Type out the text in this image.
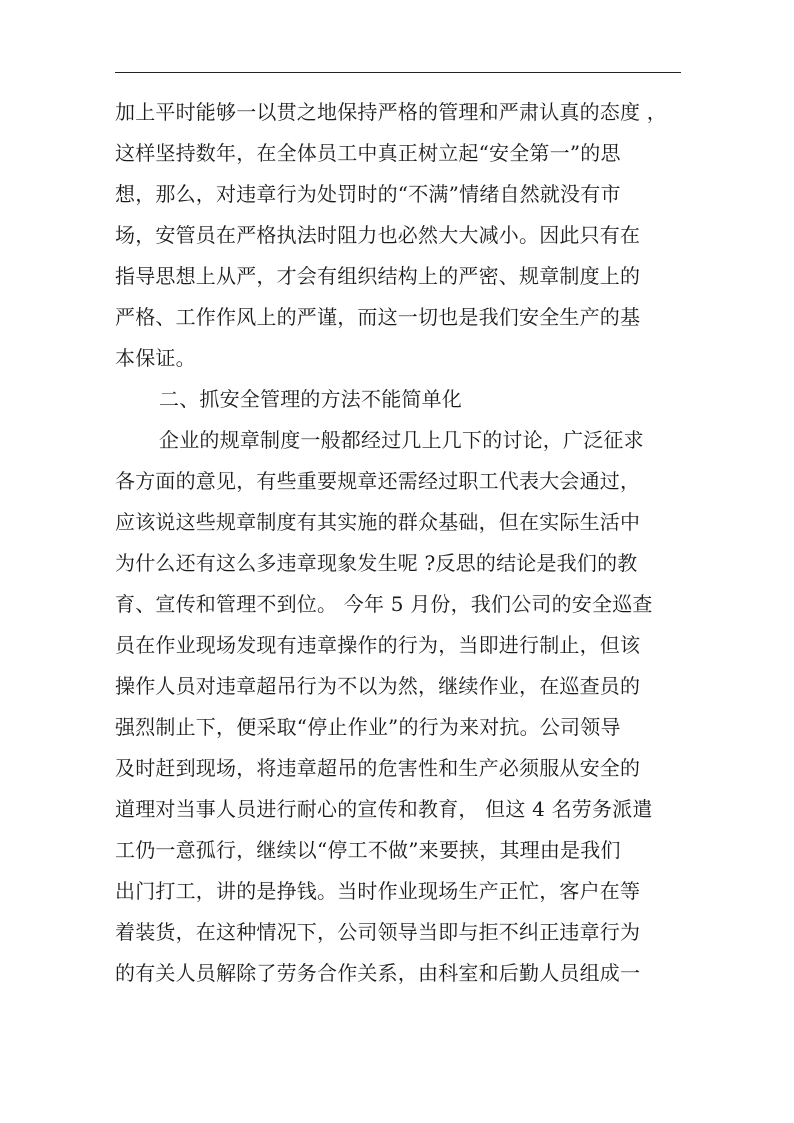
加上平时能够一以贯之地保持严格的管理和严肃认真的态度 ，
这样坚持数年，在全体员工中真正树立起“安全第一”的思
想，那么，对违章行为处罚时的“不满”情绪自然就没有市
场，安管员在严格执法时阻力也必然大大减小。因此只有在
指导思想上从严，才会有组织结构上的严密、规章制度上的
严格、工作作风上的严谨，而这一切也是我们安全生产的基
本保证。
二、抓安全管理的方法不能简单化
企业的规章制度一般都经过几上几下的讨论，广泛征求
各方面的意见，有些重要规章还需经过职工代表大会通过，
应该说这些规章制度有其实施的群众基础，但在实际生活中
为什么还有这么多违章现象发生呢 ?反思的结论是我们的教
育、宣传和管理不到位。 今年 5 月份，我们公司的安全巡查
员在作业现场发现有违章操作的行为，当即进行制止，但该
操作人员对违章超吊行为不以为然，继续作业，在巡查员的
强烈制止下，便采取“停止作业”的行为来对抗。公司领导
及时赶到现场，将违章超吊的危害性和生产必须服从安全的
道理对当事人员进行耐心的宣传和教育， 但这 4 名劳务派遣
工仍一意孤行，继续以“停工不做”来要挟，其理由是我们
出门打工，讲的是挣钱。当时作业现场生产正忙，客户在等
着装货，在这种情况下，公司领导当即与拒不纠正违章行为
的有关人员解除了劳务合作关系，由科室和后勤人员组成一
